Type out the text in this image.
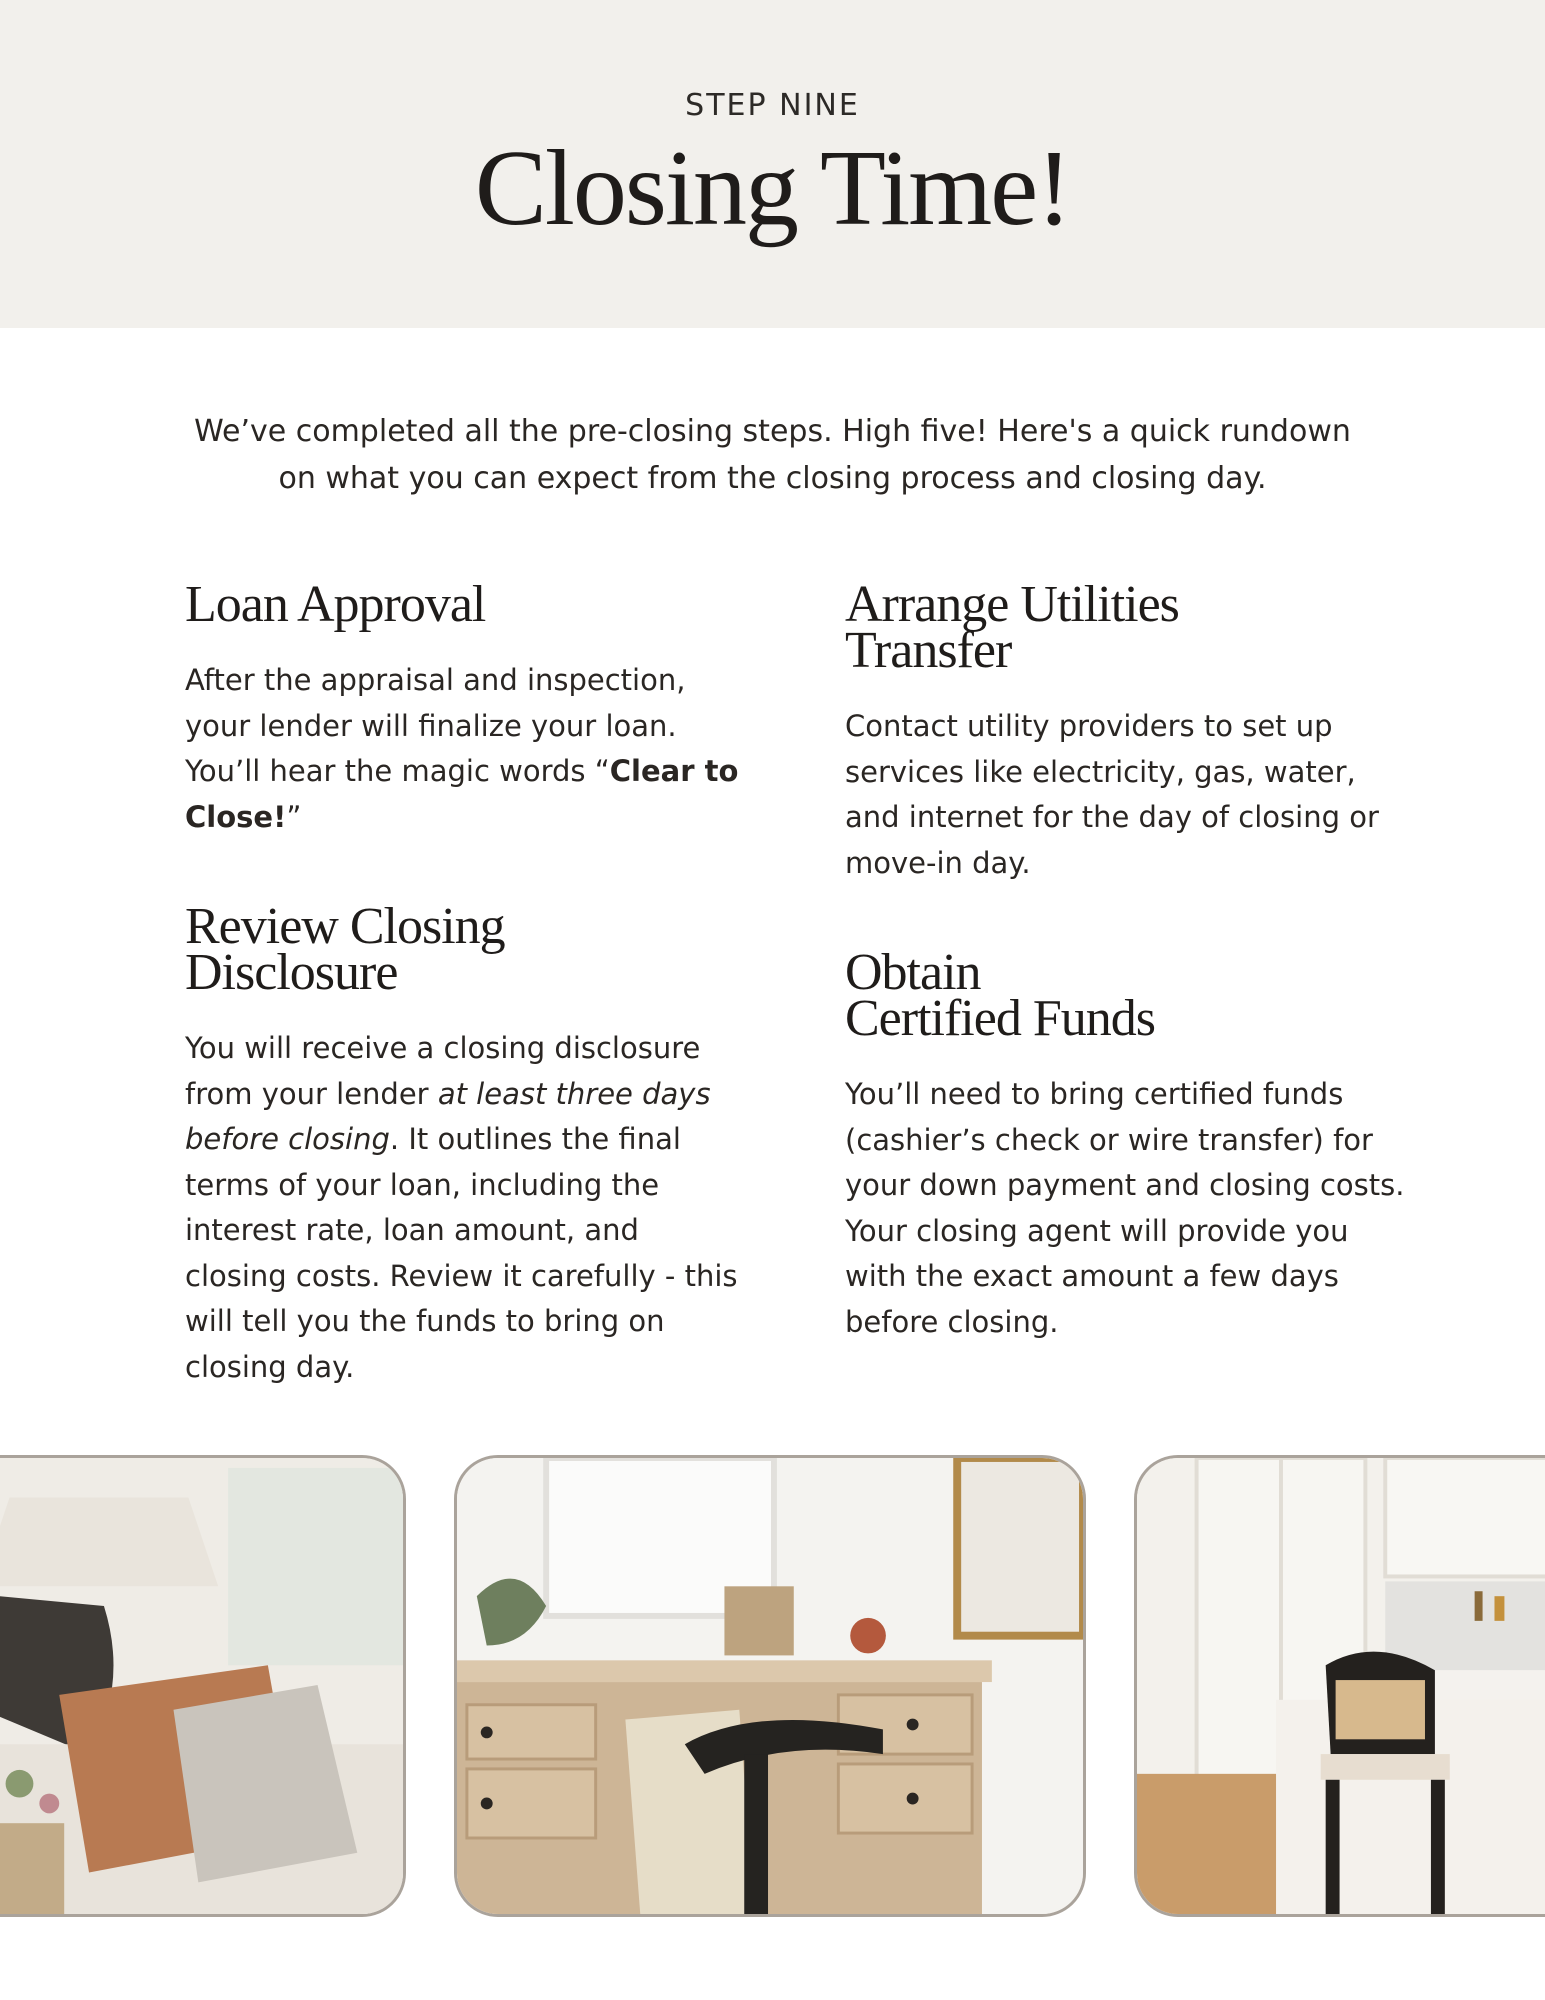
STEP NINE
Closing Time!
We’ve completed all the pre-closing steps. High five! Here's a quick rundown on what you can expect from the closing process and closing day.
Loan Approval

After the appraisal and inspection, your lender will finalize your loan. You’ll hear the magic words “Clear to Close!”

Review Closing
Disclosure

You will receive a closing disclosure from your lender at least three days before closing. It outlines the final terms of your loan, including the interest rate, loan amount, and closing costs. Review it carefully - this will tell you the funds to bring on closing day.

Arrange Utilities
Transfer

Contact utility providers to set up services like electricity, gas, water, and internet for the day of closing or move-in day.

Obtain
Certified Funds

You’ll need to bring certified funds (cashier’s check or wire transfer) for your down payment and closing costs. Your closing agent will provide you with the exact amount a few days before closing.
